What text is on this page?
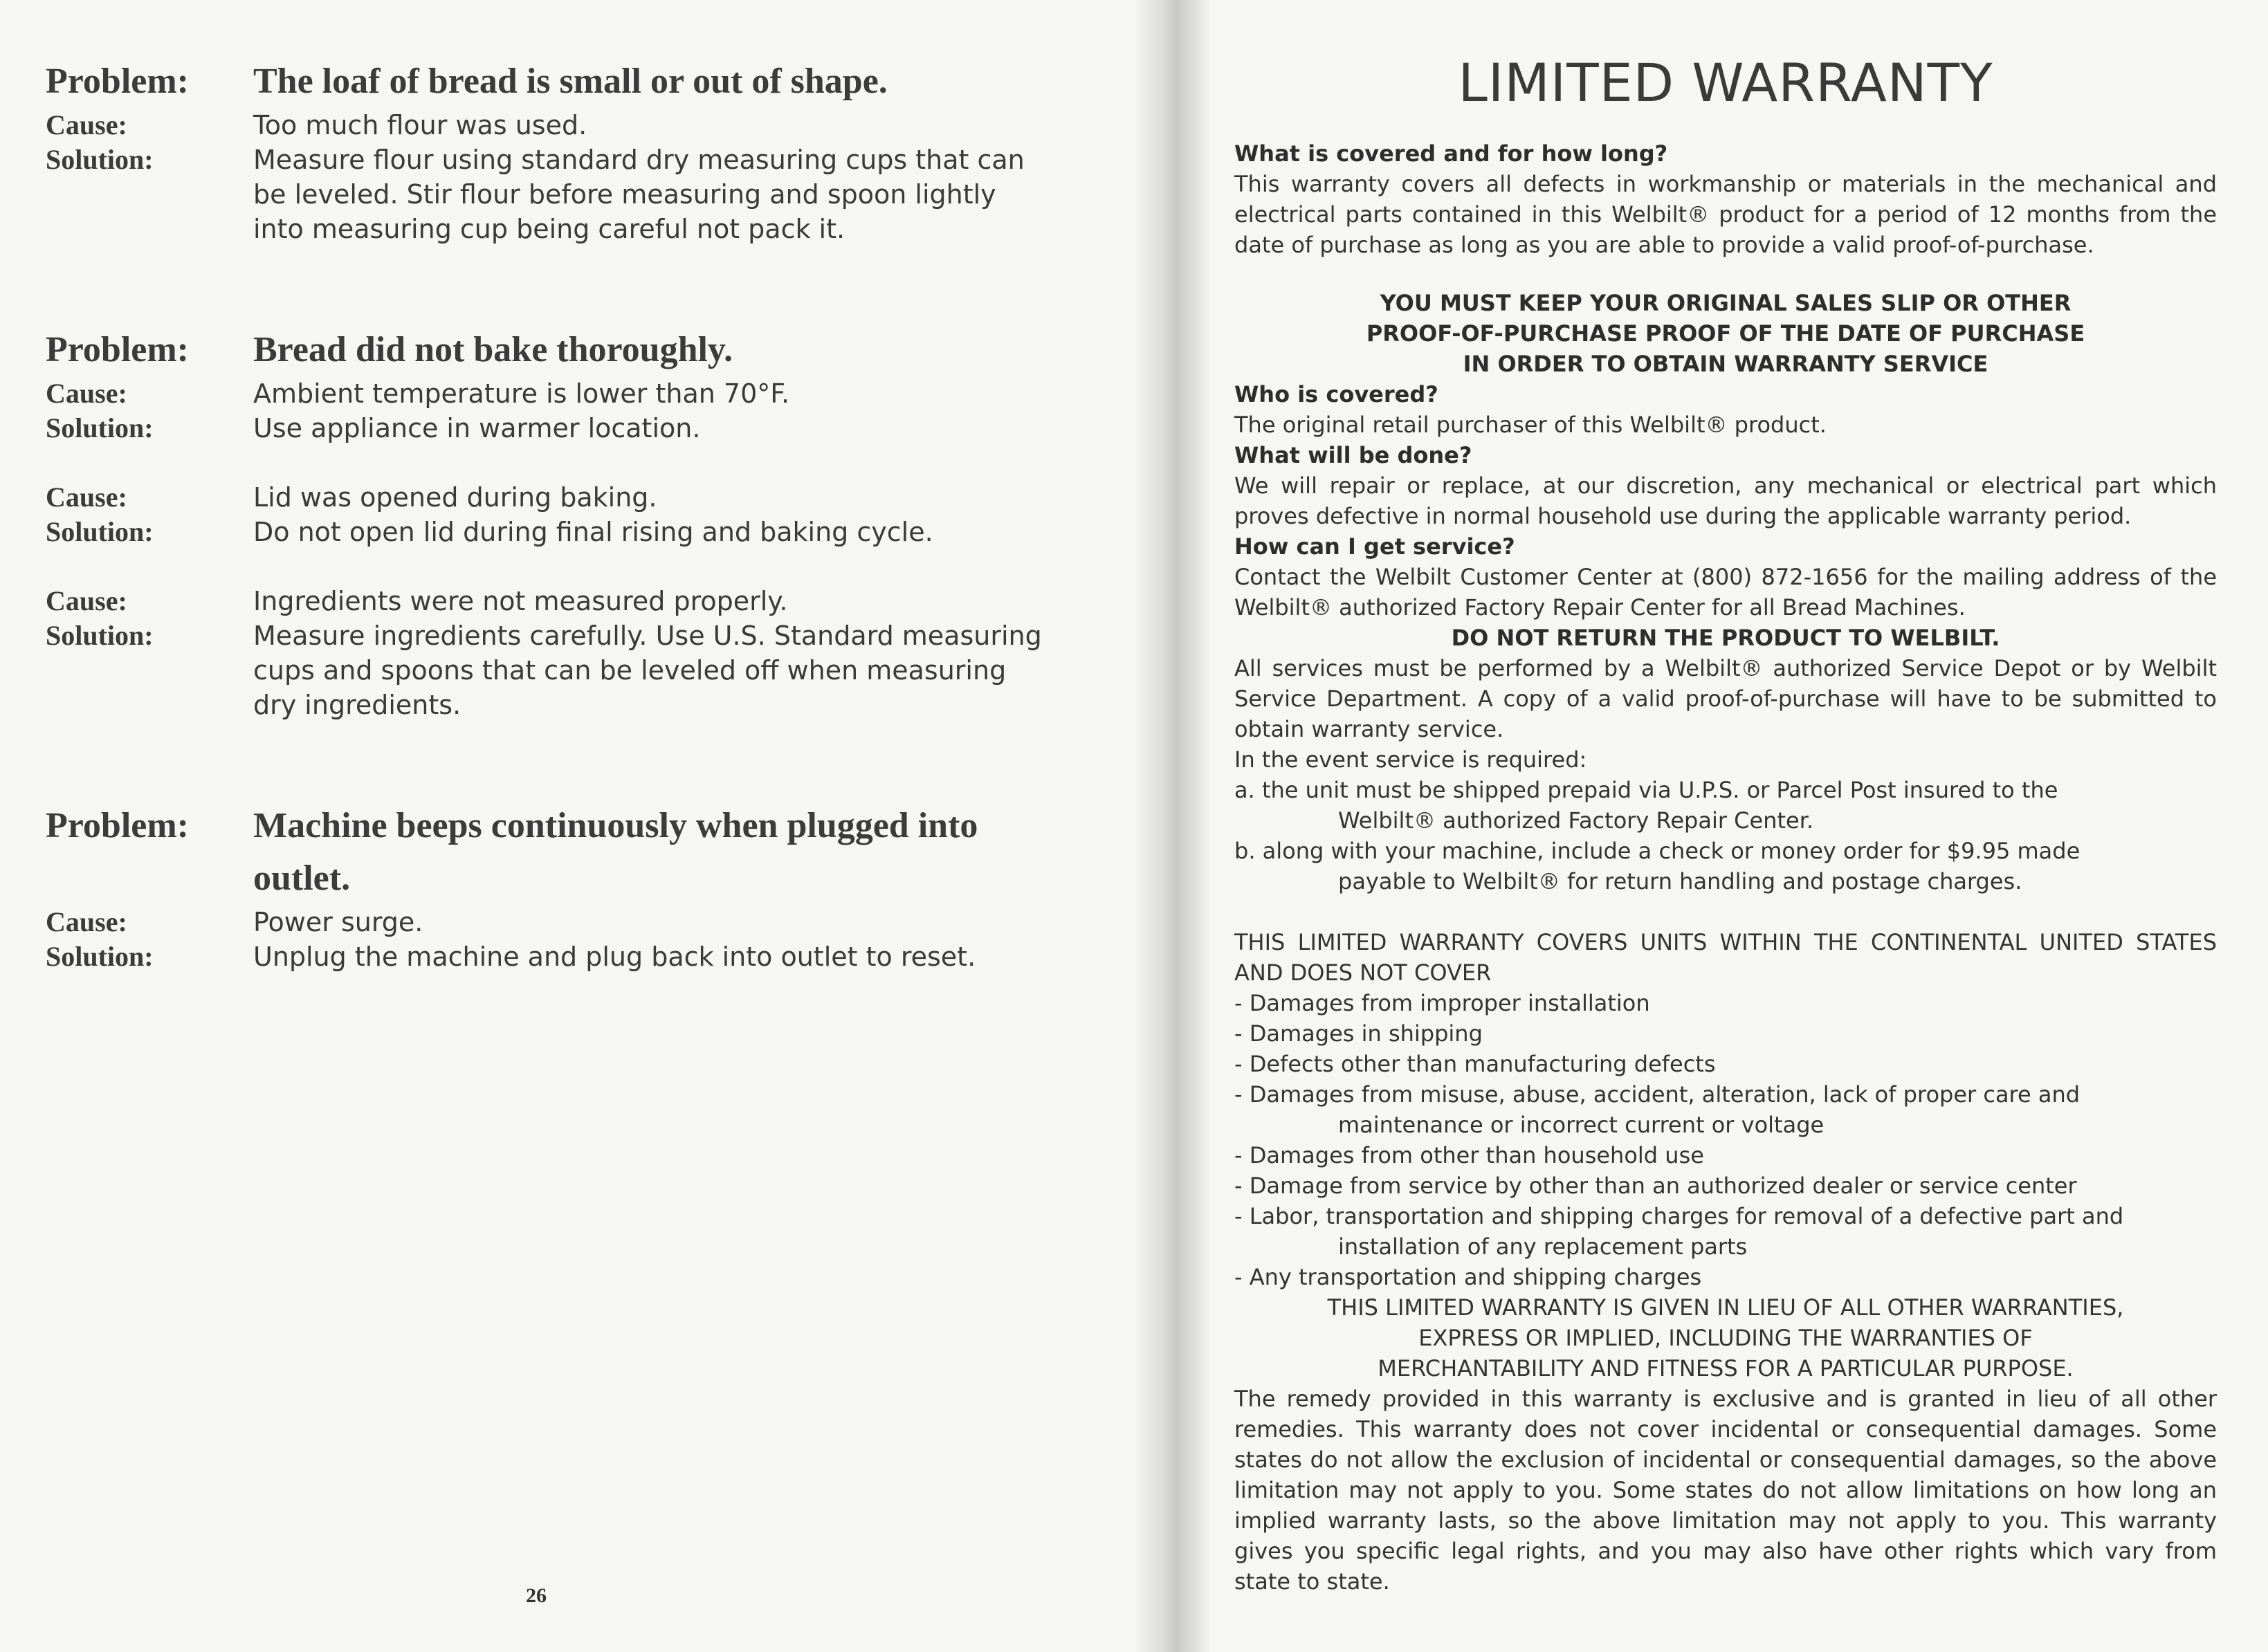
Problem:	The loaf of bread is small or out of shape.
Cause:	Too much flour was used.
Solution:	Measure flour using standard dry measuring cups that can be leveled. Stir flour before measuring and spoon lightly into measuring cup being careful not pack it.
Problem:	Bread did not bake thoroughly.
Cause:	Ambient temperature is lower than 70°F.
Solution:	Use appliance in warmer location.
Cause:	Lid was opened during baking.
Solution:	Do not open lid during final rising and baking cycle.
Cause:	Ingredients were not measured properly.
Solution:	Measure ingredients carefully. Use U.S. Standard measuring cups and spoons that can be leveled off when measuring dry ingredients.
Problem:	Machine beeps continuously when plugged into outlet.
Cause:	Power surge.
Solution:	Unplug the machine and plug back into outlet to reset.
26
LIMITED WARRANTY
What is covered and for how long?
This warranty covers all defects in workmanship or materials in the mechanical and electrical parts contained in this Welbilt® product for a period of 12 months from the date of purchase as long as you are able to provide a valid proof-of-purchase.
YOU MUST KEEP YOUR ORIGINAL SALES SLIP OR OTHER
PROOF-OF-PURCHASE PROOF OF THE DATE OF PURCHASE
IN ORDER TO OBTAIN WARRANTY SERVICE
Who is covered?
The original retail purchaser of this Welbilt® product.
What will be done?
We will repair or replace, at our discretion, any mechanical or electrical part which proves defective in normal household use during the applicable warranty period.
How can I get service?
Contact the Welbilt Customer Center at (800) 872-1656 for the mailing address of the Welbilt® authorized Factory Repair Center for all Bread Machines.
DO NOT RETURN THE PRODUCT TO WELBILT.
All services must be performed by a Welbilt® authorized Service Depot or by Welbilt Service Department. A copy of a valid proof-of-purchase will have to be submitted to obtain warranty service.
In the event service is required:
a. the unit must be shipped prepaid via U.P.S. or Parcel Post insured to the
Welbilt® authorized Factory Repair Center.
b. along with your machine, include a check or money order for $9.95 made
payable to Welbilt® for return handling and postage charges.
THIS LIMITED WARRANTY COVERS UNITS WITHIN THE CONTINENTAL UNITED STATES AND DOES NOT COVER
- Damages from improper installation
- Damages in shipping
- Defects other than manufacturing defects
- Damages from misuse, abuse, accident, alteration, lack of proper care and
maintenance or incorrect current or voltage
- Damages from other than household use
- Damage from service by other than an authorized dealer or service center
- Labor, transportation and shipping charges for removal of a defective part and
installation of any replacement parts
- Any transportation and shipping charges
THIS LIMITED WARRANTY IS GIVEN IN LIEU OF ALL OTHER WARRANTIES,
EXPRESS OR IMPLIED, INCLUDING THE WARRANTIES OF
MERCHANTABILITY AND FITNESS FOR A PARTICULAR PURPOSE.
The remedy provided in this warranty is exclusive and is granted in lieu of all other remedies. This warranty does not cover incidental or consequential damages. Some states do not allow the exclusion of incidental or consequential damages, so the above limitation may not apply to you. Some states do not allow limitations on how long an implied warranty lasts, so the above limitation may not apply to you. This warranty gives you specific legal rights, and you may also have other rights which vary from state to state.
